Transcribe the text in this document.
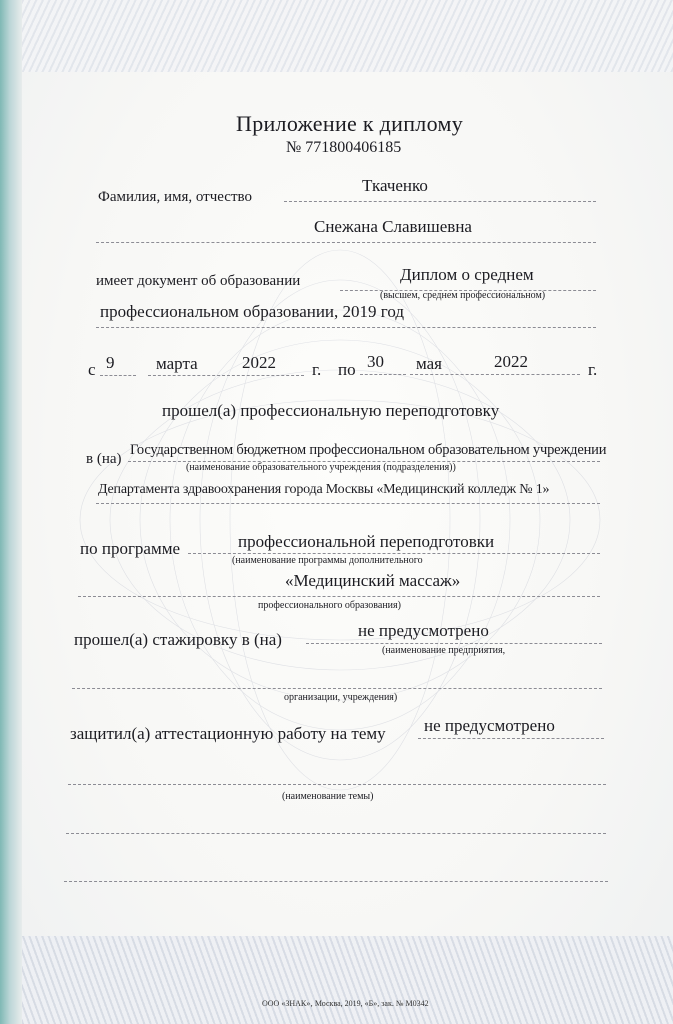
Приложение к диплому
№ 771800406185
Фамилия, имя, отчество
Ткаченко
Снежана Славишевна
имеет документ об образовании	Диплом о среднем
(высшем, среднем профессиональном)
профессиональном образовании, 2019 год
с 9 марта	2022 г. по 30 мая	2022	г.
прошел(а) профессиональную переподготовку
в (на)
Государственном бюджетном профессиональном образовательном учреждении
(наименование образовательного учреждения (подразделения))
Департамента здравоохранения города Москвы «Медицинский колледж № 1»
по программе	профессиональной переподготовки
(наименование программы дополнительного
«Медицинский массаж»
профессионального образования)
прошел(а) стажировку в (на)	не предусмотрено
(наименование предприятия,
организации, учреждения)
защитил(а) аттестационную работу на тему не предусмотрено
(наименование темы)
ООО «ЗНАК»‚ Москва, 2019, «Б», зак. № М0342
